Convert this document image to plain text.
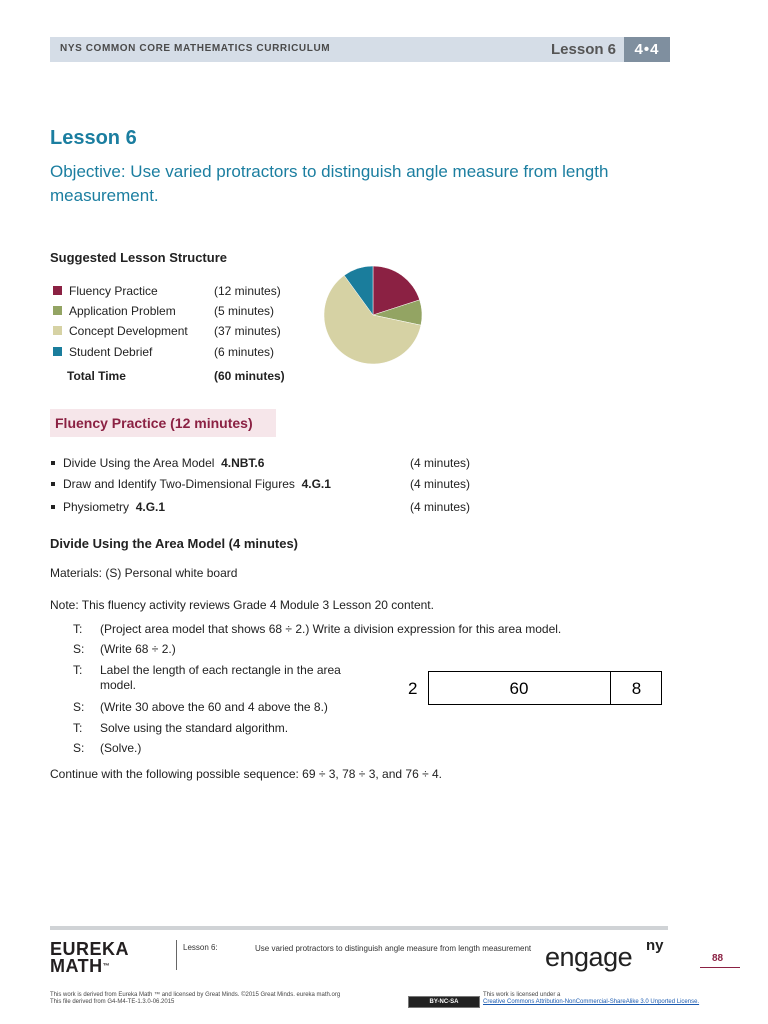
NYS COMMON CORE MATHEMATICS CURRICULUM	Lesson 6	4•4
Lesson 6
Objective: Use varied protractors to distinguish angle measure from length measurement.
Suggested Lesson Structure
Fluency Practice	(12 minutes)
Application Problem	(5 minutes)
Concept Development (37 minutes)
Student Debrief	(6 minutes)
Total Time	(60 minutes)
Fluency Practice (12 minutes)
Divide Using the Area Model 4.NBT.6	(4 minutes)
Draw and Identify Two-Dimensional Figures 4.G.1	(4 minutes)
Physiometry 4.G.1	(4 minutes)
Divide Using the Area Model (4 minutes)
Materials: (S) Personal white board
Note: This fluency activity reviews Grade 4 Module 3 Lesson 20 content.
T:	(Project area model that shows 68 ÷ 2.) Write a division expression for this area model.
S:	(Write 68 ÷ 2.)
T:	Label the length of each rectangle in the area model.
S:	(Write 30 above the 60 and 4 above the 8.)
T:	Solve using the standard algorithm.
S:	(Solve.)
2	60	8
Continue with the following possible sequence: 69 ÷ 3, 78 ÷ 3, and 76 ÷ 4.
EUREKA
MATH™
Lesson 6:	Use varied protractors to distinguish angle measure from length measurement engage ny
88
This work is derived from Eureka Math ™ and licensed by Great Minds. ©2015 Great Minds. eureka math.org
This file derived from G4-M4-TE-1.3.0-06.2015	BY-NC-SA
This work is licensed under a
Creative Commons Attribution-NonCommercial-ShareAlike 3.0 Unported License.
